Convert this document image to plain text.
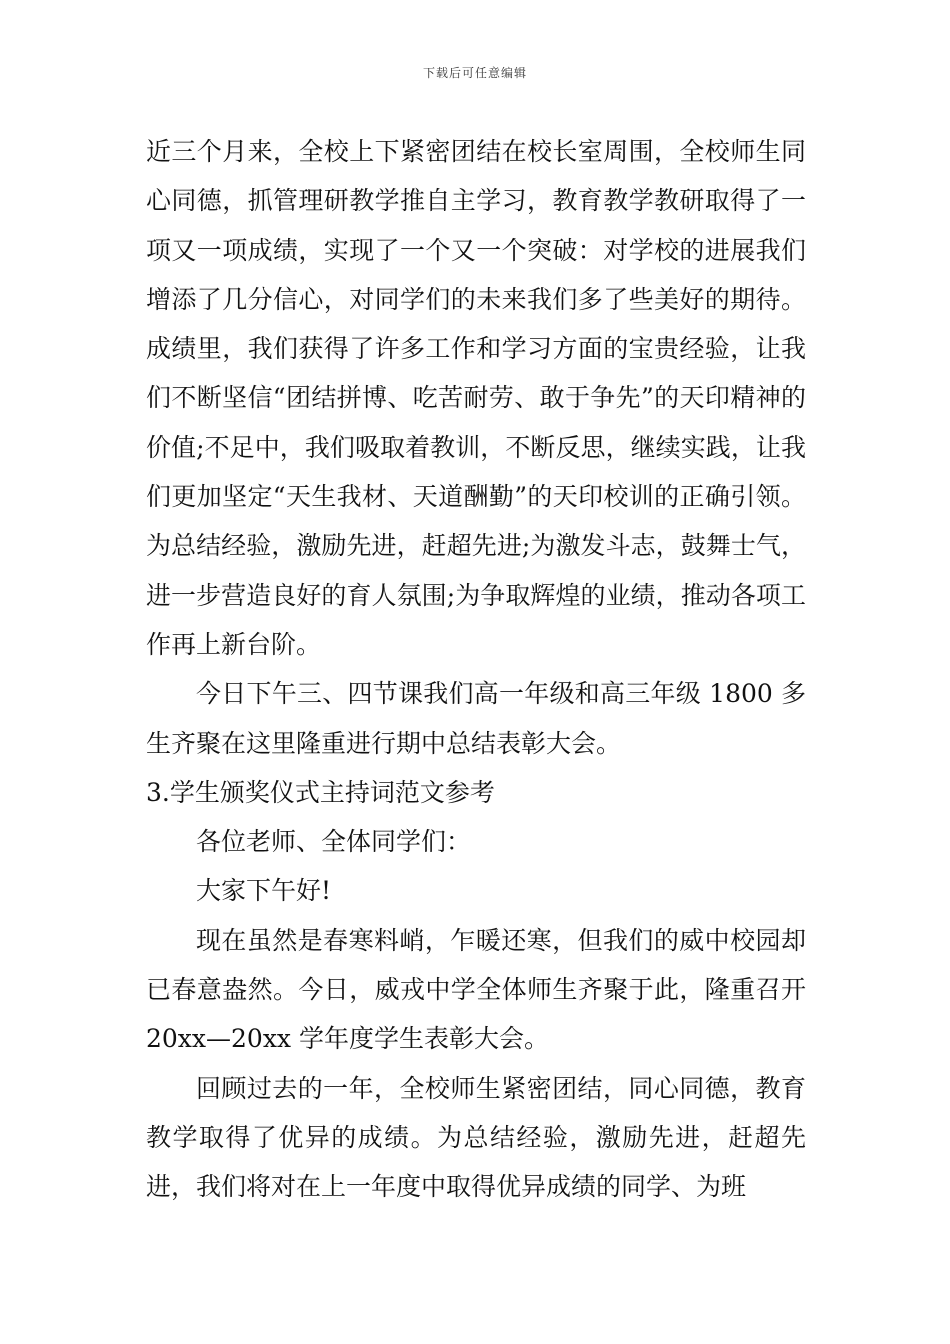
下载后可任意编辑

近三个月来，全校上下紧密团结在校长室周围，全校师生同心同德，抓管理研教学推自主学习，教育教学教研取得了一项又一项成绩，实现了一个又一个突破：对学校的进展我们增添了几分信心，对同学们的未来我们多了些美好的期待。成绩里，我们获得了许多工作和学习方面的宝贵经验，让我们不断坚信“团结拼博、吃苦耐劳、敢于争先”的天印精神的价值;不足中，我们吸取着教训，不断反思，继续实践，让我们更加坚定“天生我材、天道酬勤”的天印校训的正确引领。为总结经验，激励先进，赶超先进;为激发斗志，鼓舞士气，进一步营造良好的育人氛围;为争取辉煌的业绩，推动各项工作再上新台阶。

今日下午三、四节课我们高一年级和高三年级 1800 多生齐聚在这里隆重进行期中总结表彰大会。

3.学生颁奖仪式主持词范文参考

各位老师、全体同学们：

大家下午好!

现在虽然是春寒料峭，乍暖还寒，但我们的威中校园却已春意盎然。今日，威戎中学全体师生齐聚于此，隆重召开 20xx—20xx 学年度学生表彰大会。

回顾过去的一年，全校师生紧密团结，同心同德，教育教学取得了优异的成绩。为总结经验，激励先进，赶超先进，我们将对在上一年度中取得优异成绩的同学、为班
